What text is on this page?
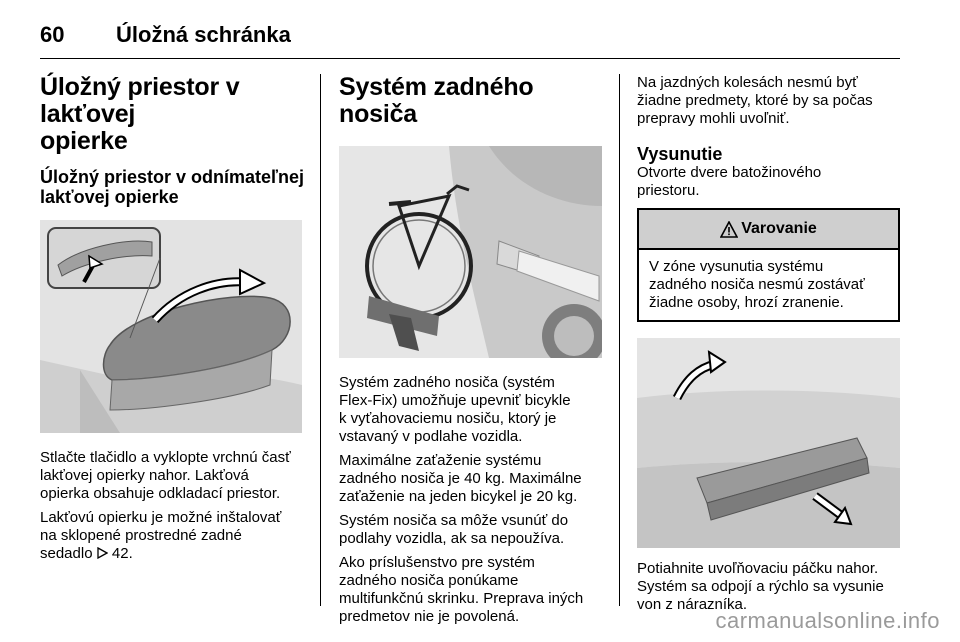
60 Úložná schránka
Úložný priestor v lakťovej
opierke
Úložný priestor v odnímateľnej
lakťovej opierke

Stlačte tlačidlo a vyklopte vrchnú časť
lakťovej opierky nahor. Lakťová
opierka obsahuje odkladací priestor.

Lakťovú opierku je možné inštalovať
na sklopené prostredné zadné
sedadlo 42.

Systém zadného nosiča

Systém zadného nosiča (systém
Flex-Fix) umožňuje upevniť bicykle
k vyťahovaciemu nosiču, ktorý je
vstavaný v podlahe vozidla.

Maximálne zaťaženie systému
zadného nosiča je 40 kg. Maximálne
zaťaženie na jeden bicykel je 20 kg.

Systém nosiča sa môže vsunúť do
podlahy vozidla, ak sa nepoužíva.

Ako príslušenstvo pre systém
zadného nosiča ponúkame
multifunkčnú skrinku. Preprava iných
predmetov nie je povolená.

Na jazdných kolesách nesmú byť
žiadne predmety, ktoré by sa počas
prepravy mohli uvoľniť.

Vysunutie

Otvorte dvere batožinového
priestoru.

Varovanie
V zóne vysunutia systému
zadného nosiča nesmú zostávať
žiadne osoby, hrozí zranenie.

Potiahnite uvoľňovaciu páčku nahor.
Systém sa odpojí a rýchlo sa vysunie
von z nárazníka.

carmanualsonline.info
